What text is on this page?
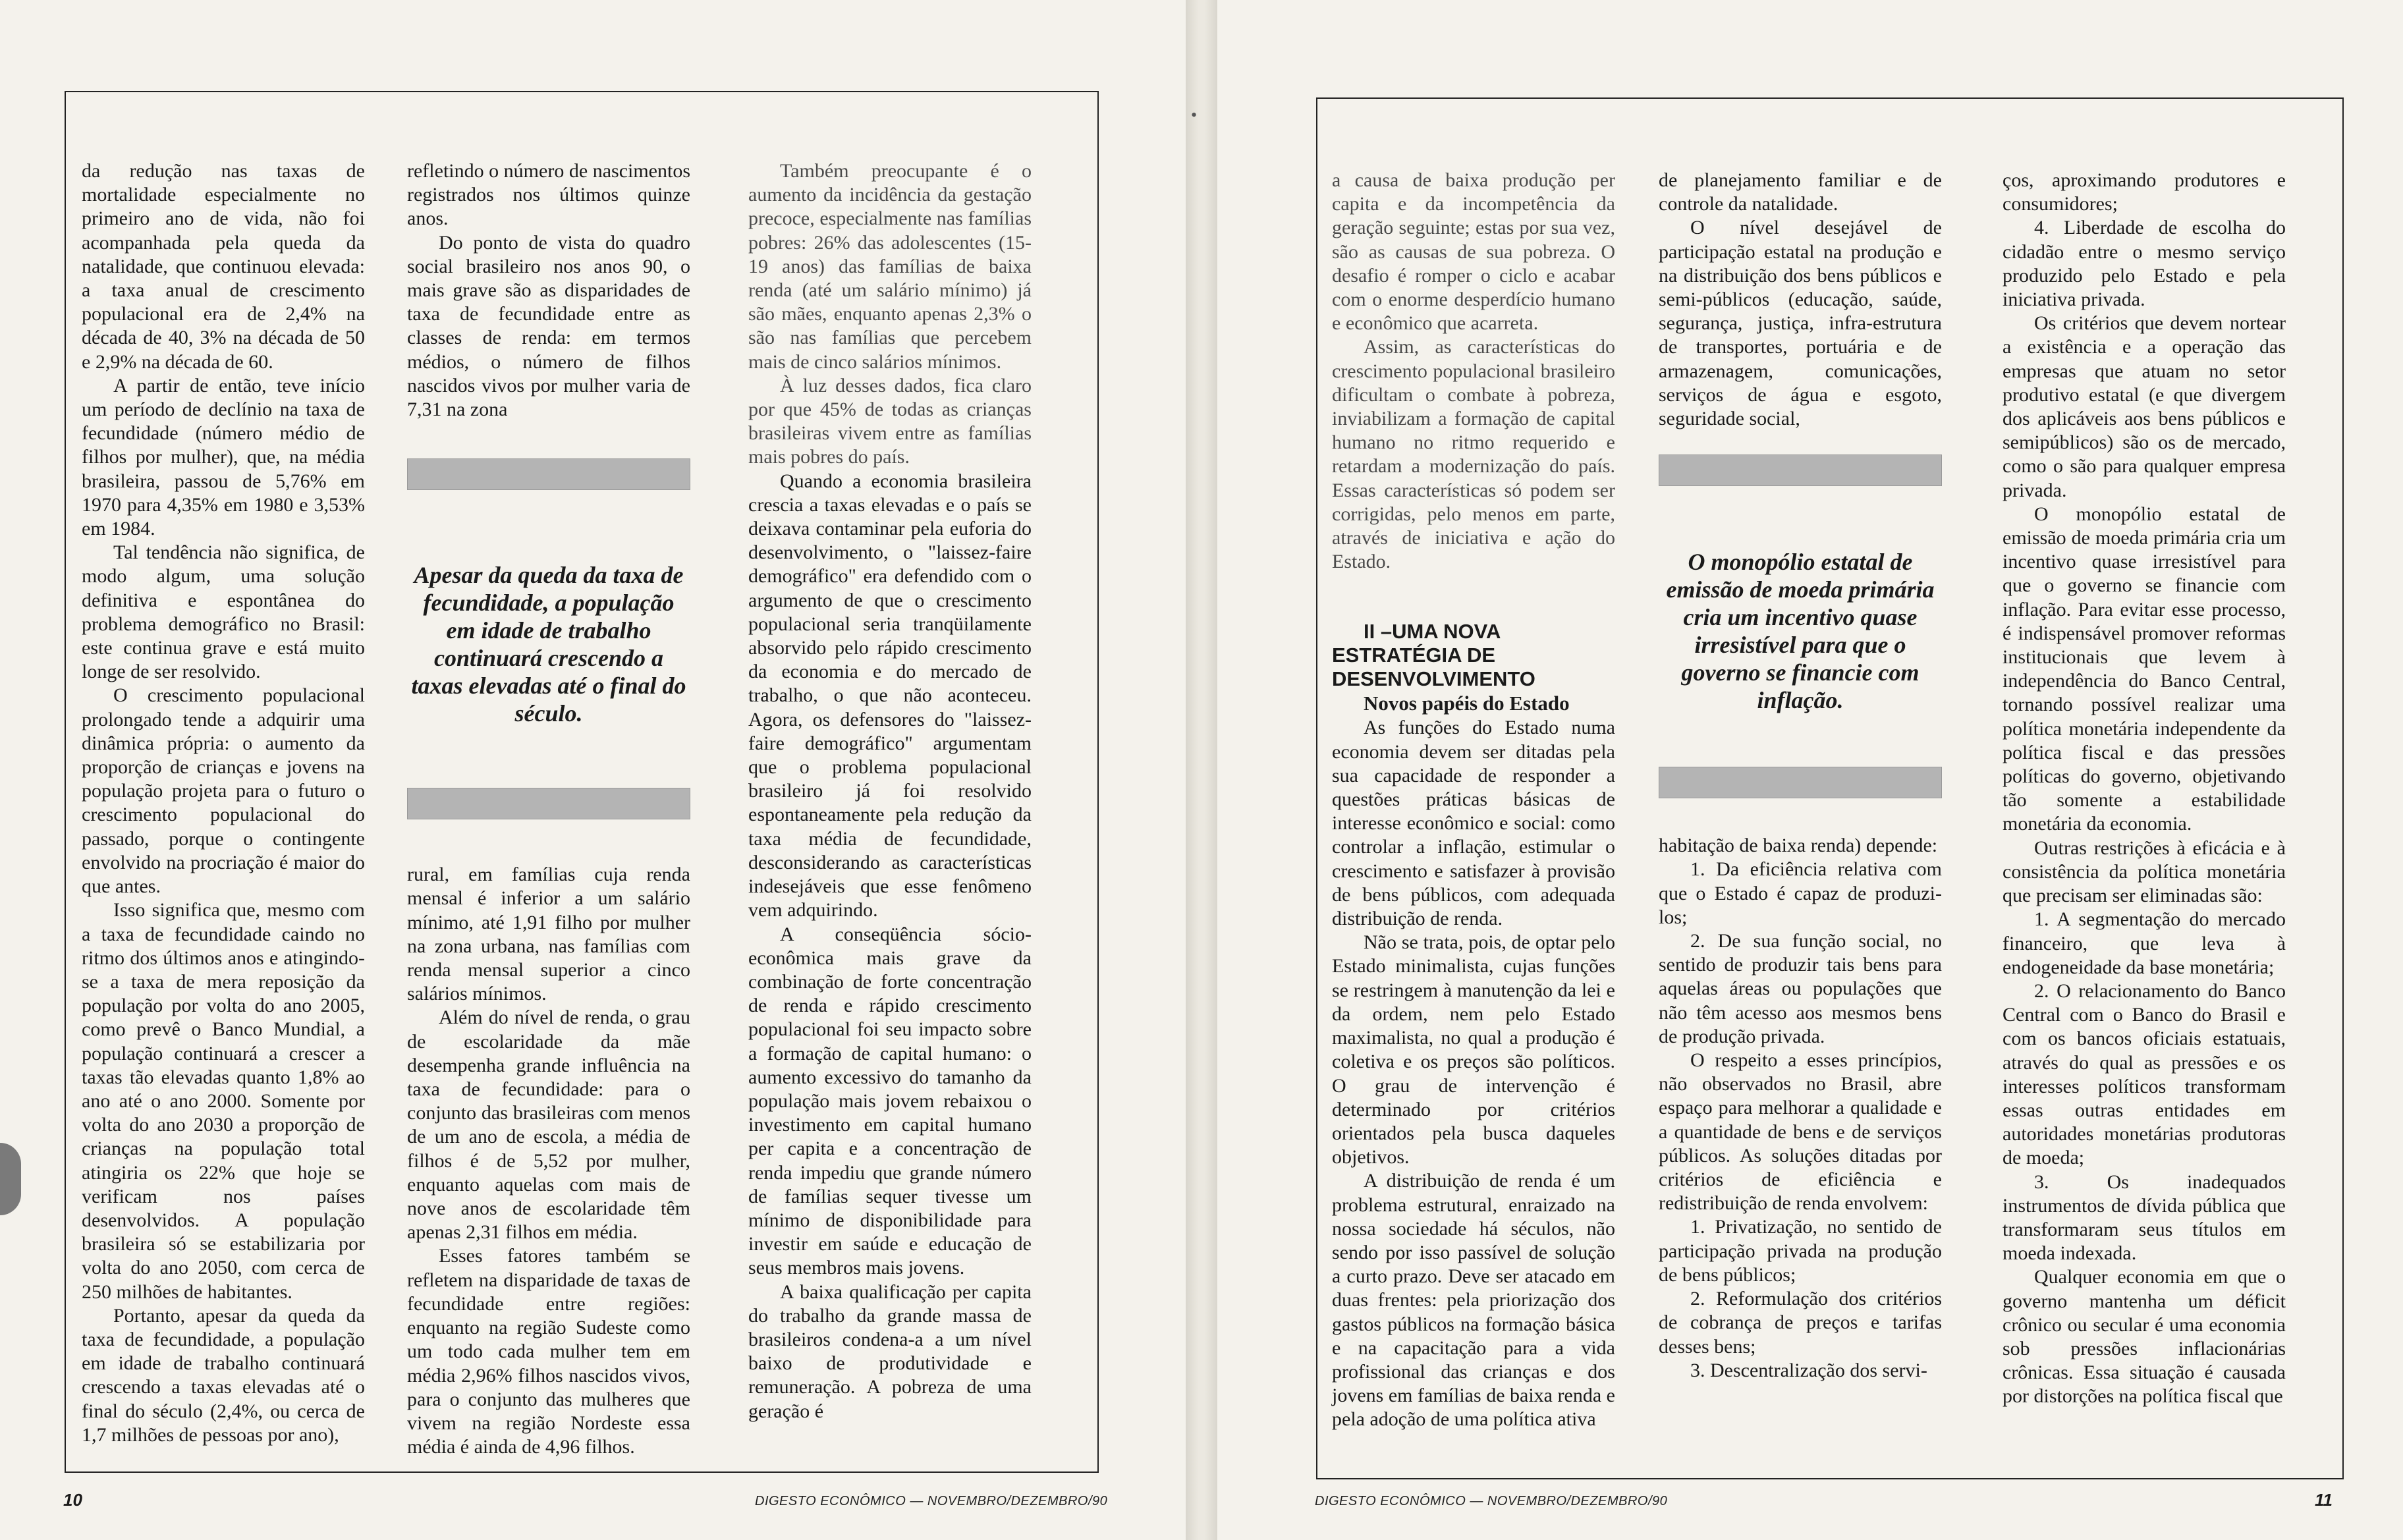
da redução nas taxas de mortalidade especialmente no primeiro ano de vida, não foi acompanhada pela queda da natalidade, que continuou elevada: a taxa anual de crescimento populacional era de 2,4% na década de 40, 3% na década de 50 e 2,9% na década de 60.

A partir de então, teve início um período de declínio na taxa de fecundidade (número médio de filhos por mulher), que, na média brasileira, passou de 5,76% em 1970 para 4,35% em 1980 e 3,53% em 1984.

Tal tendência não significa, de modo algum, uma solução definitiva e espontânea do problema demográfico no Brasil: este continua grave e está muito longe de ser resolvido.

O crescimento populacional prolongado tende a adquirir uma dinâmica própria: o aumento da proporção de crianças e jovens na população projeta para o futuro o crescimento populacional do passado, porque o contingente envolvido na procriação é maior do que antes.

Isso significa que, mesmo com a taxa de fecundidade caindo no ritmo dos últimos anos e atingindo-se a taxa de mera reposição da população por volta do ano 2005, como prevê o Banco Mundial, a população continuará a crescer a taxas tão elevadas quanto 1,8% ao ano até o ano 2000. Somente por volta do ano 2030 a proporção de crianças na população total atingiria os 22% que hoje se verificam nos países desenvolvidos. A população brasileira só se estabilizaria por volta do ano 2050, com cerca de 250 milhões de habitantes.

Portanto, apesar da queda da taxa de fecundidade, a população em idade de trabalho continuará crescendo a taxas elevadas até o final do século (2,4%, ou cerca de 1,7 milhões de pessoas por ano),

refletindo o número de nascimentos registrados nos últimos quinze anos.

Do ponto de vista do quadro social brasileiro nos anos 90, o mais grave são as disparidades de taxa de fecundidade entre as classes de renda: em termos médios, o número de filhos nascidos vivos por mulher varia de 7,31 na zona

Apesar da queda da taxa de fecundidade, a população em idade de trabalho continuará crescendo a taxas elevadas até o final do século.

rural, em famílias cuja renda mensal é inferior a um salário mínimo, até 1,91 filho por mulher na zona urbana, nas famílias com renda mensal superior a cinco salários mínimos.

Além do nível de renda, o grau de escolaridade da mãe desempenha grande influência na taxa de fecundidade: para o conjunto das brasileiras com menos de um ano de escola, a média de filhos é de 5,52 por mulher, enquanto aquelas com mais de nove anos de escolaridade têm apenas 2,31 filhos em média.

Esses fatores também se refletem na disparidade de taxas de fecundidade entre regiões: enquanto na região Sudeste como um todo cada mulher tem em média 2,96% filhos nascidos vivos, para o conjunto das mulheres que vivem na região Nordeste essa média é ainda de 4,96 filhos.

Também preocupante é o aumento da incidência da gestação precoce, especialmente nas famílias pobres: 26% das adolescentes (15-19 anos) das famílias de baixa renda (até um salário mínimo) já são mães, enquanto apenas 2,3% o são nas famílias que percebem mais de cinco salários mínimos.

À luz desses dados, fica claro por que 45% de todas as crianças brasileiras vivem entre as famílias mais pobres do país.

Quando a economia brasileira crescia a taxas elevadas e o país se deixava contaminar pela euforia do desenvolvimento, o "laissez-faire demográfico" era defendido com o argumento de que o crescimento populacional seria tranqüilamente absorvido pelo rápido crescimento da economia e do mercado de trabalho, o que não aconteceu. Agora, os defensores do "laissez-faire demográfico" argumentam que o problema populacional brasileiro já foi resolvido espontaneamente pela redução da taxa média de fecundidade, desconsiderando as características indesejáveis que esse fenômeno vem adquirindo.

A conseqüência sócio-econômica mais grave da combinação de forte concentração de renda e rápido crescimento populacional foi seu impacto sobre a formação de capital humano: o aumento excessivo do tamanho da população mais jovem rebaixou o investimento em capital humano per capita e a concentração de renda impediu que grande número de famílias sequer tivesse um mínimo de disponibilidade para investir em saúde e educação de seus membros mais jovens.

A baixa qualificação per capita do trabalho da grande massa de brasileiros condena-a a um nível baixo de produtividade e remuneração. A pobreza de uma geração é

10	DIGESTO ECONÔMICO — NOVEMBRO/DEZEMBRO/90
•

a causa de baixa produção per capita e da incompetência da geração seguinte; estas por sua vez, são as causas de sua pobreza. O desafio é romper o ciclo e acabar com o enorme desperdício humano e econômico que acarreta.

Assim, as características do crescimento populacional brasileiro dificultam o combate à pobreza, inviabilizam a formação de capital humano no ritmo requerido e retardam a modernização do país. Essas características só podem ser corrigidas, pelo menos em parte, através de iniciativa e ação do Estado.

II –UMA NOVA ESTRATÉGIA DE DESENVOLVIMENTO

Novos papéis do Estado

As funções do Estado numa economia devem ser ditadas pela sua capacidade de responder a questões práticas básicas de interesse econômico e social: como controlar a inflação, estimular o crescimento e satisfazer à provisão de bens públicos, com adequada distribuição de renda.

Não se trata, pois, de optar pelo Estado minimalista, cujas funções se restringem à manutenção da lei e da ordem, nem pelo Estado maximalista, no qual a produção é coletiva e os preços são políticos. O grau de intervenção é determinado por critérios orientados pela busca daqueles objetivos.

A distribuição de renda é um problema estrutural, enraizado na nossa sociedade há séculos, não sendo por isso passível de solução a curto prazo. Deve ser atacado em duas frentes: pela priorização dos gastos públicos na formação básica e na capacitação para a vida profissional das crianças e dos jovens em famílias de baixa renda e pela adoção de uma política ativa

de planejamento familiar e de controle da natalidade.

O nível desejável de participação estatal na produção e na distribuição dos bens públicos e semi-públicos (educação, saúde, segurança, justiça, infra-estrutura de transportes, portuária e de armazenagem, comunicações, serviços de água e esgoto, seguridade social,

O monopólio estatal de emissão de moeda primária cria um incentivo quase irresistível para que o governo se financie com inflação.

habitação de baixa renda) depende:

1. Da eficiência relativa com que o Estado é capaz de produzi-los;

2. De sua função social, no sentido de produzir tais bens para aquelas áreas ou populações que não têm acesso aos mesmos bens de produção privada.

O respeito a esses princípios, não observados no Brasil, abre espaço para melhorar a qualidade e a quantidade de bens e de serviços públicos. As soluções ditadas por critérios de eficiência e redistribuição de renda envolvem:

1. Privatização, no sentido de participação privada na produção de bens públicos;

2. Reformulação dos critérios de cobrança de preços e tarifas desses bens;

3. Descentralização dos servi-

ços, aproximando produtores e consumidores;

4. Liberdade de escolha do cidadão entre o mesmo serviço produzido pelo Estado e pela iniciativa privada.

Os critérios que devem nortear a existência e a operação das empresas que atuam no setor produtivo estatal (e que divergem dos aplicáveis aos bens públicos e semipúblicos) são os de mercado, como o são para qualquer empresa privada.

O monopólio estatal de emissão de moeda primária cria um incentivo quase irresistível para que o governo se financie com inflação. Para evitar esse processo, é indispensável promover reformas institucionais que levem à independência do Banco Central, tornando possível realizar uma política monetária independente da política fiscal e das pressões políticas do governo, objetivando tão somente a estabilidade monetária da economia.

Outras restrições à eficácia e à consistência da política monetária que precisam ser eliminadas são:

1. A segmentação do mercado financeiro, que leva à endogeneidade da base monetária;

2. O relacionamento do Banco Central com o Banco do Brasil e com os bancos oficiais estatuais, através do qual as pressões e os interesses políticos transformam essas outras entidades em autoridades monetárias produtoras de moeda;

3. Os inadequados instrumentos de dívida pública que transformaram seus títulos em moeda indexada.

Qualquer economia em que o governo mantenha um déficit crônico ou secular é uma economia sob pressões inflacionárias crônicas. Essa situação é causada por distorções na política fiscal que

DIGESTO ECONÔMICO — NOVEMBRO/DEZEMBRO/90	11
